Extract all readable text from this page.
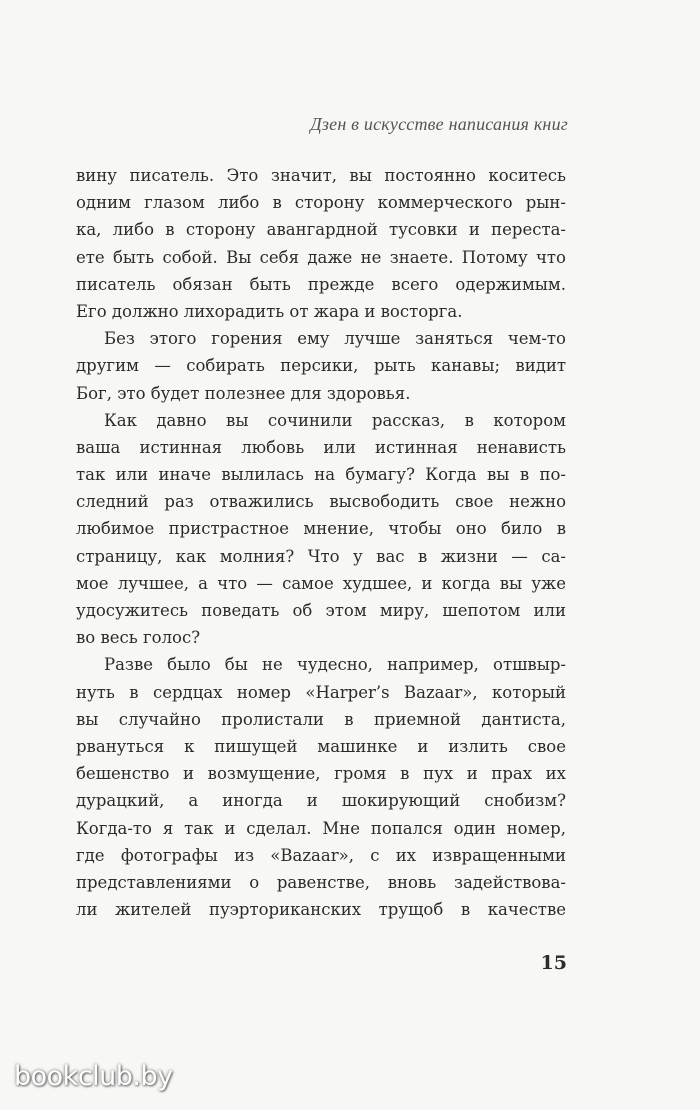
Дзен в искусстве написания книг
вину писатель. Это значит, вы постоянно коситесь
одним глазом либо в сторону коммерческого рын-
ка, либо в сторону авангардной тусовки и переста-
ете быть собой. Вы себя даже не знаете. Потому что
писатель обязан быть прежде всего одержимым.
Его должно лихорадить от жара и восторга.
Без этого горения ему лучше заняться чем-то
другим — собирать персики, рыть канавы; видит
Бог, это будет полезнее для здоровья.
Как давно вы сочинили рассказ, в котором
ваша истинная любовь или истинная ненависть
так или иначе вылилась на бумагу? Когда вы в по-
следний раз отважились высвободить свое нежно
любимое пристрастное мнение, чтобы оно било в
страницу, как молния? Что у вас в жизни — са-
мое лучшее, а что — самое худшее, и когда вы уже
удосужитесь поведать об этом миру, шепотом или
во весь голос?
Разве было бы не чудесно, например, отшвыр-
нуть в сердцах номер «Harper’s Bazaar», который
вы случайно пролистали в приемной дантиста,
рвануться к пишущей машинке и излить свое
бешенство и возмущение, громя в пух и прах их
дурацкий, а иногда и шокирующий снобизм?
Когда-то я так и сделал. Мне попался один номер,
где фотографы из «Bazaar», с их извращенными
представлениями о равенстве, вновь задействова-
ли жителей пуэрториканских трущоб в качестве
15
bookclub.by
